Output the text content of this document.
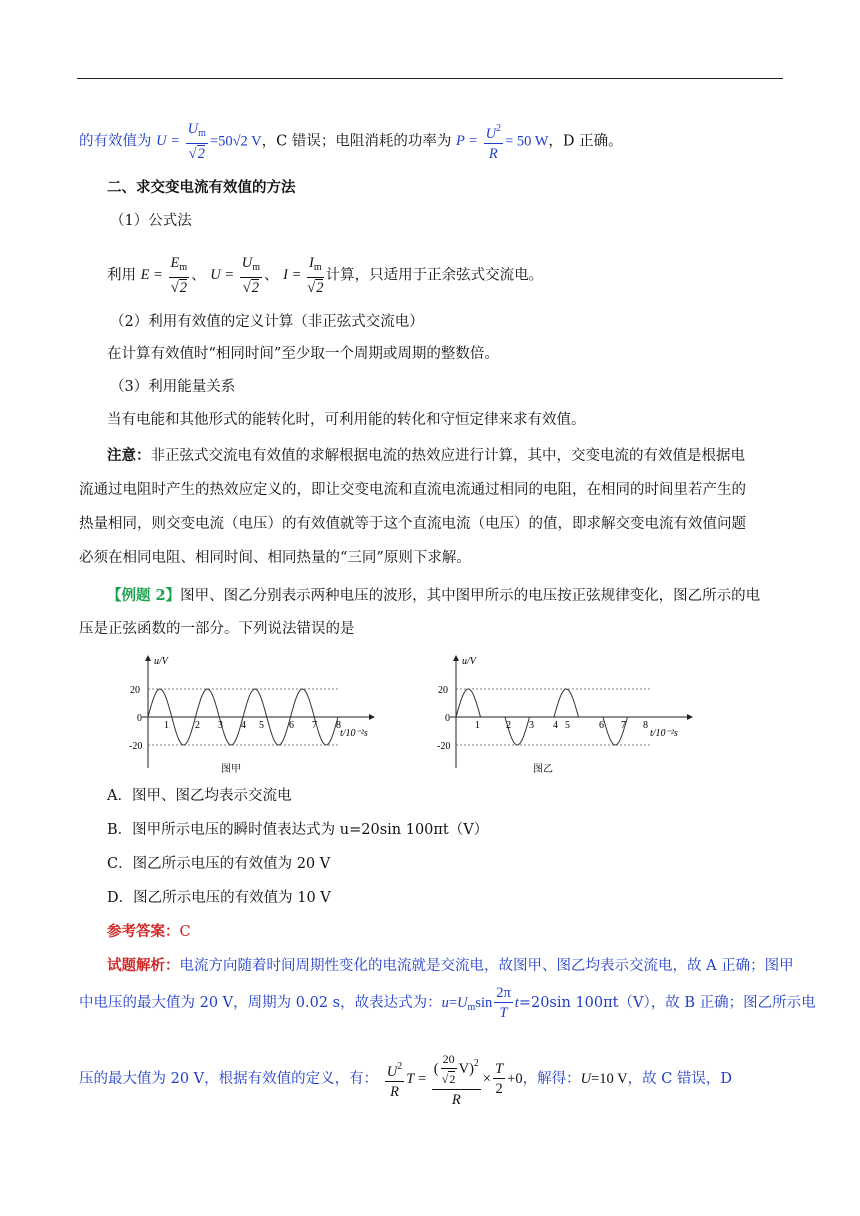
的有效值为 $U = \frac{U_m}{√2} =50√2$ V，C 错误；电阻消耗的功率为 $P = \frac{U^2}{R} = 50$ W，D 正确。
二、求交变电流有效值的方法
（1）公式法
利用 $E = \frac{E_m}{√2}$ 、 $U = \frac{U_m}{√2}$ 、 $I = \frac{I_m}{√2}$ 计算，只适用于正余弦式交流电。
（2）利用有效值的定义计算（非正弦式交流电）
在计算有效值时“相同时间”至少取一个周期或周期的整数倍。
（3）利用能量关系
当有电能和其他形式的能转化时，可利用能的转化和守恒定律来求有效值。
注意：非正弦式交流电有效值的求解根据电流的热效应进行计算，其中，交变电流的有效值是根据电
流通过电阻时产生的热效应定义的，即让交变电流和直流电流通过相同的电阻，在相同的时间里若产生的
热量相同，则交变电流（电压）的有效值就等于这个直流电流（电压）的值，即求解交变电流有效值问题
必须在相同电阻、相同时间、相同热量的“三同”原则下求解。
【例题 2】图甲、图乙分别表示两种电压的波形，其中图甲所示的电压按正弦规律变化，图乙所示的电
压是正弦函数的一部分。下列说法错误的是
u/V
20
0
-20
1	2 3 4 5	6 7 8
t/10⁻²s
图甲
u/V
20
0
-20
1	2 3 4 5	6 7 8
t/10⁻²s
图乙
A．图甲、图乙均表示交流电
B．图甲所示电压的瞬时值表达式为 u=20sin 100πt（V）
C．图乙所示电压的有效值为 20 V
D．图乙所示电压的有效值为 10 V
参考答案：C
试题解析：电流方向随着时间周期性变化的电流就是交流电，故图甲、图乙均表示交流电，故 A 正确；图甲
中电压的最大值为 20 V，周期为 0.02 s，故表达式为：$u=U_m\sin \frac{2\pi}{T} t=20\sin$ 100πt（V），故 B 正确；图乙所示电
压的最大值为 20 V，根据有效值的定义，有： $\frac{U^2}{R}$ $T = \frac{( \frac{20}{√2} V)^2}{R} \times \frac{T}{2} +0$，解得：U=10 V，故 C 错误，D
